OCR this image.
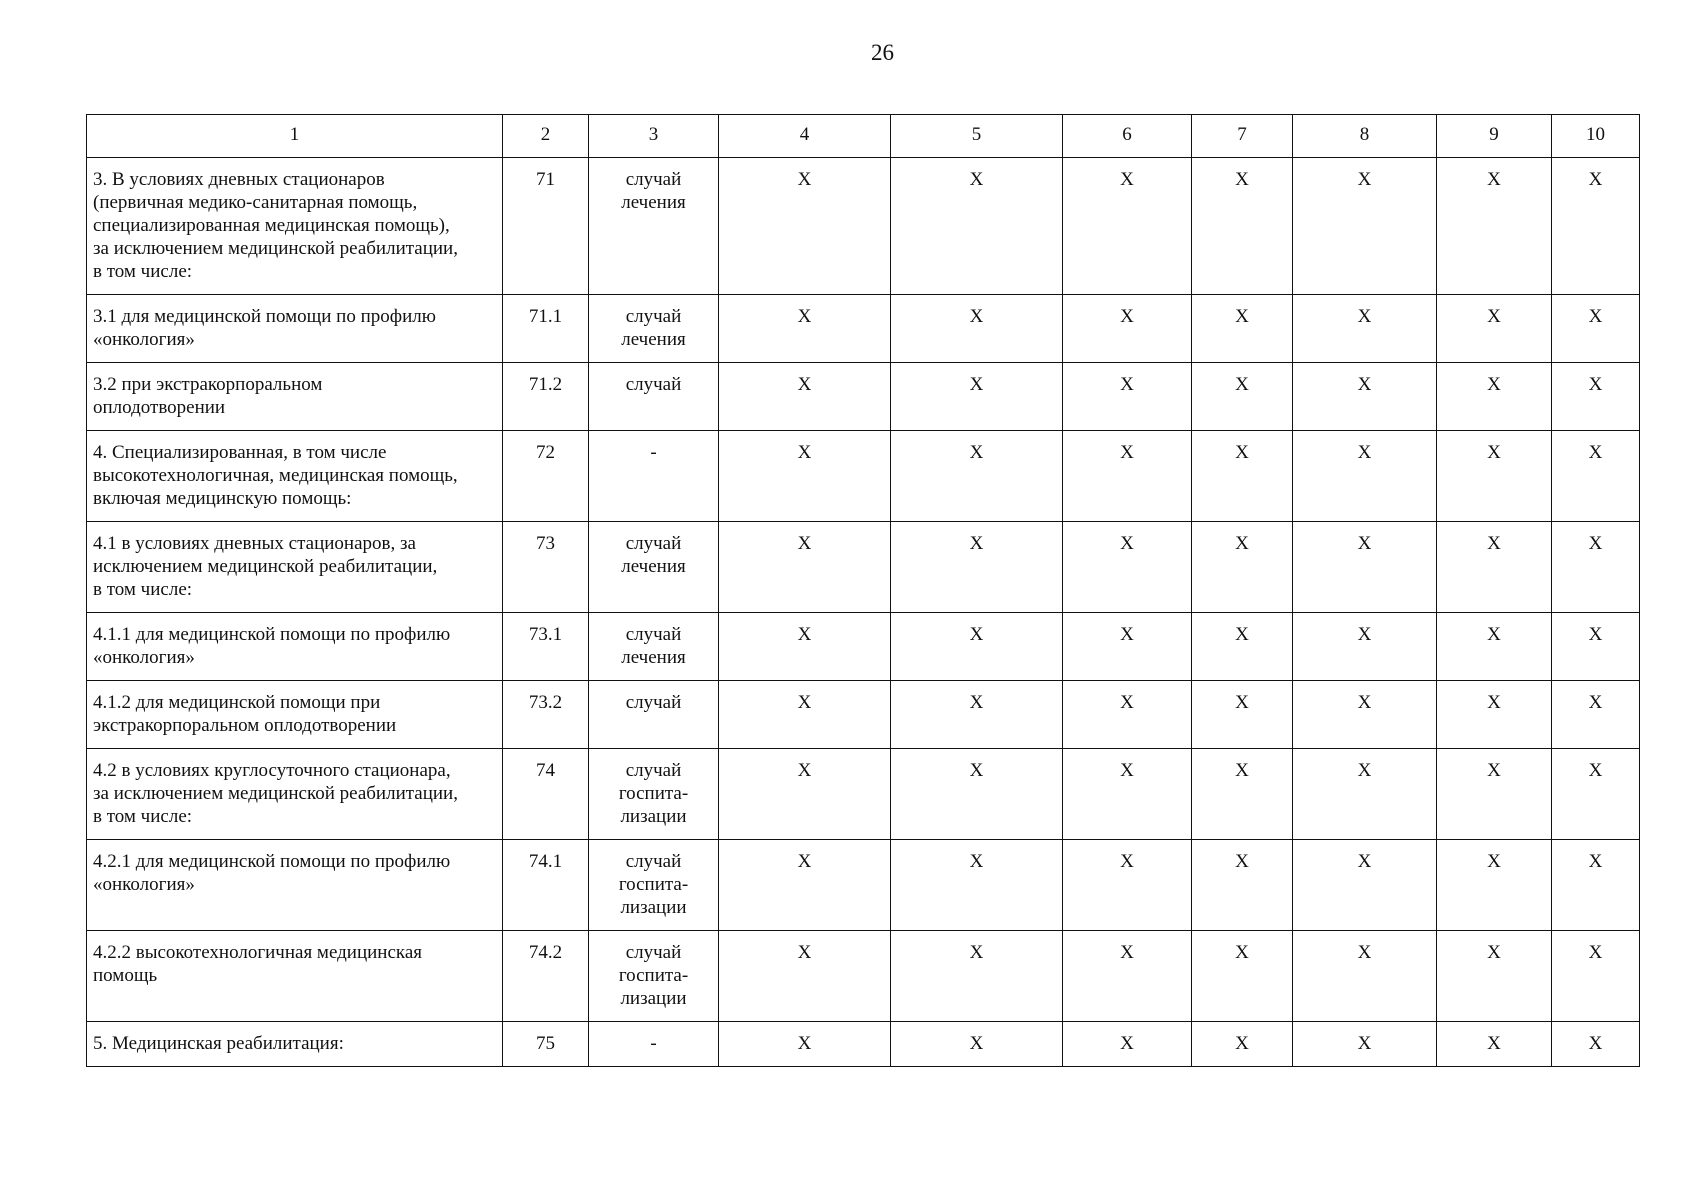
26
1	2	3	4	5	6	7	8	9	10
3. В условиях дневных стационаров
(первичная медико-санитарная помощь,
специализированная медицинская помощь),
за исключением медицинской реабилитации,
в том числе:	71	случай
лечения	X	X	X	X	X	X	X
3.1 для медицинской помощи по профилю
«онкология»	71.1	случай
лечения	X	X	X	X	X	X	X
3.2 при экстракорпоральном
оплодотворении	71.2	случай	X	X	X	X	X	X	X
4. Специализированная, в том числе
высокотехнологичная, медицинская помощь,
включая медицинскую помощь:	72	-	X	X	X	X	X	X	X
4.1 в условиях дневных стационаров, за
исключением медицинской реабилитации,
в том числе:	73	случай
лечения	X	X	X	X	X	X	X
4.1.1 для медицинской помощи по профилю
«онкология»	73.1	случай
лечения	X	X	X	X	X	X	X
4.1.2 для медицинской помощи при
экстракорпоральном оплодотворении	73.2	случай	X	X	X	X	X	X	X
4.2 в условиях круглосуточного стационара,
за исключением медицинской реабилитации,
в том числе:	74	случай
госпита-
лизации	X	X	X	X	X	X	X
4.2.1 для медицинской помощи по профилю
«онкология»	74.1	случай
госпита-
лизации	X	X	X	X	X	X	X
4.2.2 высокотехнологичная медицинская
помощь	74.2	случай
госпита-
лизации	X	X	X	X	X	X	X
5. Медицинская реабилитация:	75	-	X	X	X	X	X	X	X
